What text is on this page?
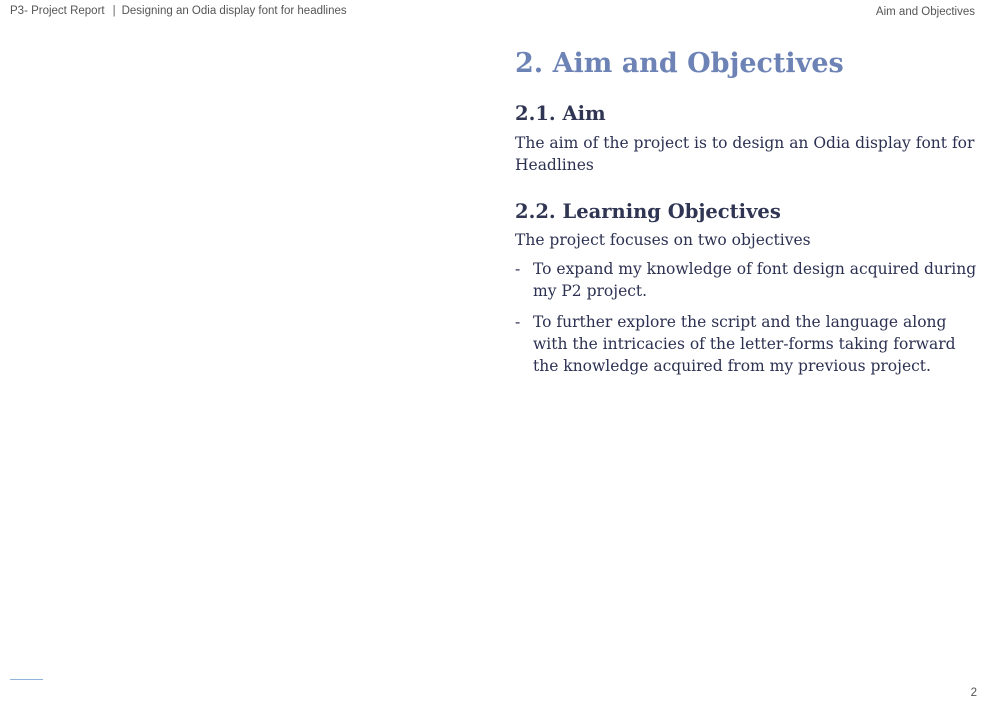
P3- Project Report | Designing an Odia display font for headlines	Aim and Objectives
2. Aim and Objectives
2.1. Aim

The aim of the project is to design an Odia display font for Headlines

2.2. Learning Objectives

The project focuses on two objectives

- To expand my knowledge of font design acquired during my P2 project.
- To further explore the script and the language along with the intricacies of the letter-forms taking forward the knowledge acquired from my previous project.
2
